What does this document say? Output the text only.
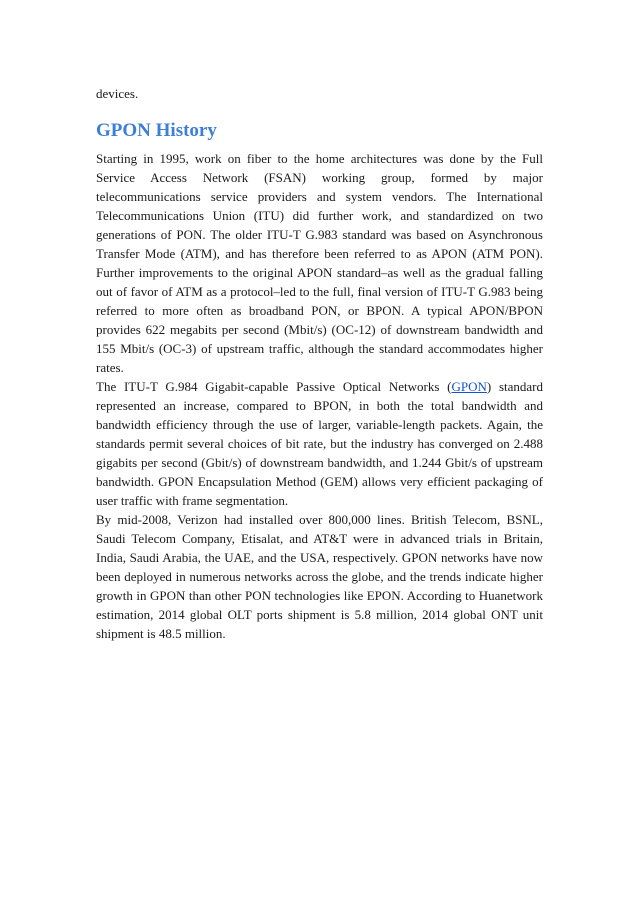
devices.

GPON History

Starting in 1995, work on fiber to the home architectures was done by the Full Service Access Network (FSAN) working group, formed by major telecommunications service providers and system vendors. The International Telecommunications Union (ITU) did further work, and standardized on two generations of PON. The older ITU-T G.983 standard was based on Asynchronous Transfer Mode (ATM), and has therefore been referred to as APON (ATM PON). Further improvements to the original APON standard–as well as the gradual falling out of favor of ATM as a protocol–led to the full, final version of ITU-T G.983 being referred to more often as broadband PON, or BPON. A typical APON/BPON provides 622 megabits per second (Mbit/s) (OC-12) of downstream bandwidth and 155 Mbit/s (OC-3) of upstream traffic, although the standard accommodates higher rates.

The ITU-T G.984 Gigabit-capable Passive Optical Networks (GPON) standard represented an increase, compared to BPON, in both the total bandwidth and bandwidth efficiency through the use of larger, variable-length packets. Again, the standards permit several choices of bit rate, but the industry has converged on 2.488 gigabits per second (Gbit/s) of downstream bandwidth, and 1.244 Gbit/s of upstream bandwidth. GPON Encapsulation Method (GEM) allows very efficient packaging of user traffic with frame segmentation.

By mid-2008, Verizon had installed over 800,000 lines. British Telecom, BSNL, Saudi Telecom Company, Etisalat, and AT&T were in advanced trials in Britain, India, Saudi Arabia, the UAE, and the USA, respectively. GPON networks have now been deployed in numerous networks across the globe, and the trends indicate higher growth in GPON than other PON technologies like EPON. According to Huanetwork estimation, 2014 global OLT ports shipment is 5.8 million, 2014 global ONT unit shipment is 48.5 million.
